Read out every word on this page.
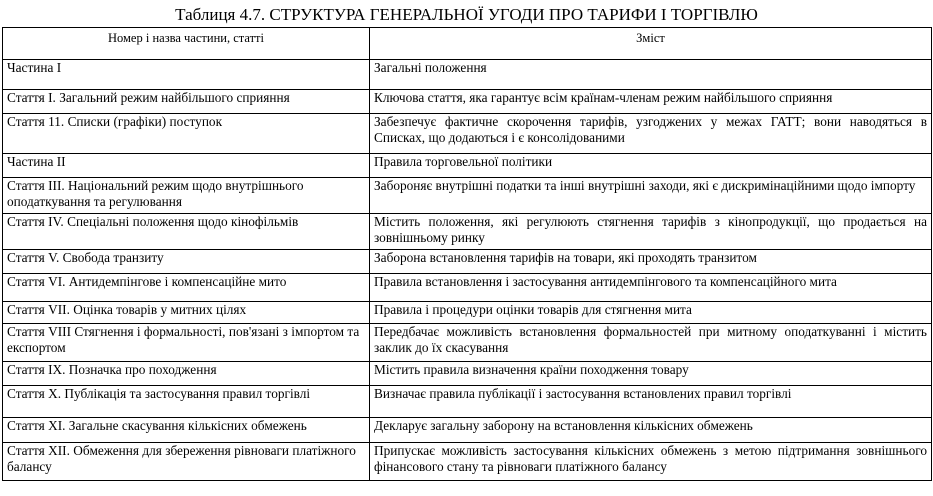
Таблиця 4.7. СТРУКТУРА ГЕНЕРАЛЬНОЇ УГОДИ ПРО ТАРИФИ І ТОРГІВЛЮ
Номер і назва частини, статті	Зміст
Частина І	Загальні положення
Стаття І. Загальний режим найбільшого сприяння	Ключова стаття, яка гарантує всім країнам-членам режим найбільшого сприяння
Стаття 11. Списки (графіки) поступок	Забезпечує фактичне скорочення тарифів, узгоджених у межах ГАТТ; вони наводяться в Списках, що додаються і є консолідованими
Частина II	Правила торговельної політики
Стаття III. Національний режим щодо внутрішнього оподаткування та регулювання	Забороняє внутрішні податки та інші внутрішні заходи, які є дискримінаційними щодо імпорту
Стаття IV. Спеціальні положення щодо кінофільмів	Містить положення, які регулюють стягнення тарифів з кінопродукції, що продається на зовнішньому ринку
Стаття V. Свобода транзиту	Заборона встановлення тарифів на товари, які проходять транзитом
Стаття VI. Антидемпінгове і компенсаційне мито	Правила встановлення і застосування антидемпінгового та компенсаційного мита
Стаття VII. Оцінка товарів у митних цілях	Правила і процедури оцінки товарів для стягнення мита
Стаття VIII Стягнення і формальності, пов'язані з імпортом та експортом	Передбачає можливість встановлення формальностей при митному оподаткуванні і містить заклик до їх скасування
Стаття IX. Позначка про походження	Містить правила визначення країни походження товару
Стаття X. Публікація та застосування правил торгівлі	Визначає правила публікації і застосування встановлених правил торгівлі
Стаття XI. Загальне скасування кількісних обмежень	Декларує загальну заборону на встановлення кількісних обмежень
Стаття XII. Обмеження для збереження рівноваги платіжного балансу	Припускає можливість застосування кількісних обмежень з метою підтримання зовнішнього фінансового стану та рівноваги платіжного балансу
